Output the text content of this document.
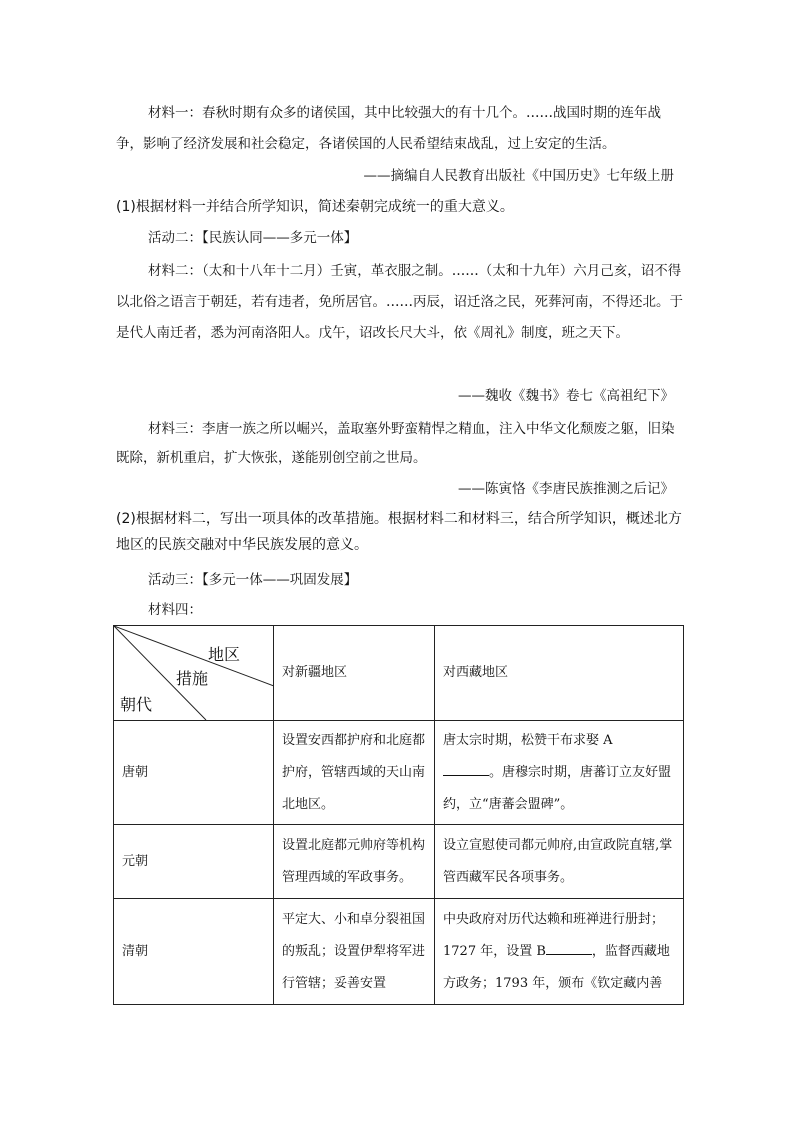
材料一：春秋时期有众多的诸侯国，其中比较强大的有十几个。……战国时期的连年战争，影响了经济发展和社会稳定，各诸侯国的人民希望结束战乱，过上安定的生活。

——摘编自人民教育出版社《中国历史》七年级上册

(1)根据材料一并结合所学知识，简述秦朝完成统一的重大意义。

活动二：【民族认同——多元一体】

材料二：（太和十八年十二月）壬寅，革衣服之制。……（太和十九年）六月己亥，诏不得以北俗之语言于朝廷，若有违者，免所居官。……丙辰，诏迁洛之民，死葬河南，不得还北。于是代人南迁者，悉为河南洛阳人。戊午，诏改长尺大斗，依《周礼》制度，班之天下。

——魏收《魏书》卷七《高祖纪下》

材料三：李唐一族之所以崛兴，盖取塞外野蛮精悍之精血，注入中华文化颓废之躯，旧染既除，新机重启，扩大恢张，遂能别创空前之世局。

——陈寅恪《李唐民族推测之后记》

(2)根据材料二，写出一项具体的改革措施。根据材料二和材料三，结合所学知识，概述北方地区的民族交融对中华民族发展的意义。

活动三：【多元一体——巩固发展】

材料四：

地区
措施
朝代	对新疆地区	对西藏地区
唐朝	设置安西都护府和北庭都护府，管辖西域的天山南北地区。	唐太宗时期，松赞干布求娶 A
。唐穆宗时期，唐蕃订立友好盟约，立“唐蕃会盟碑”。
元朝	设置北庭都元帅府等机构管理西域的军政事务。	设立宣慰使司都元帅府,由宣政院直辖,掌管西藏军民各项事务。
清朝	平定大、小和卓分裂祖国的叛乱；设置伊犁将军进行管辖；妥善安置	中央政府对历代达赖和班禅进行册封；1727 年，设置 B ，监督西藏地方政务；1793 年，颁布《钦定藏内善
